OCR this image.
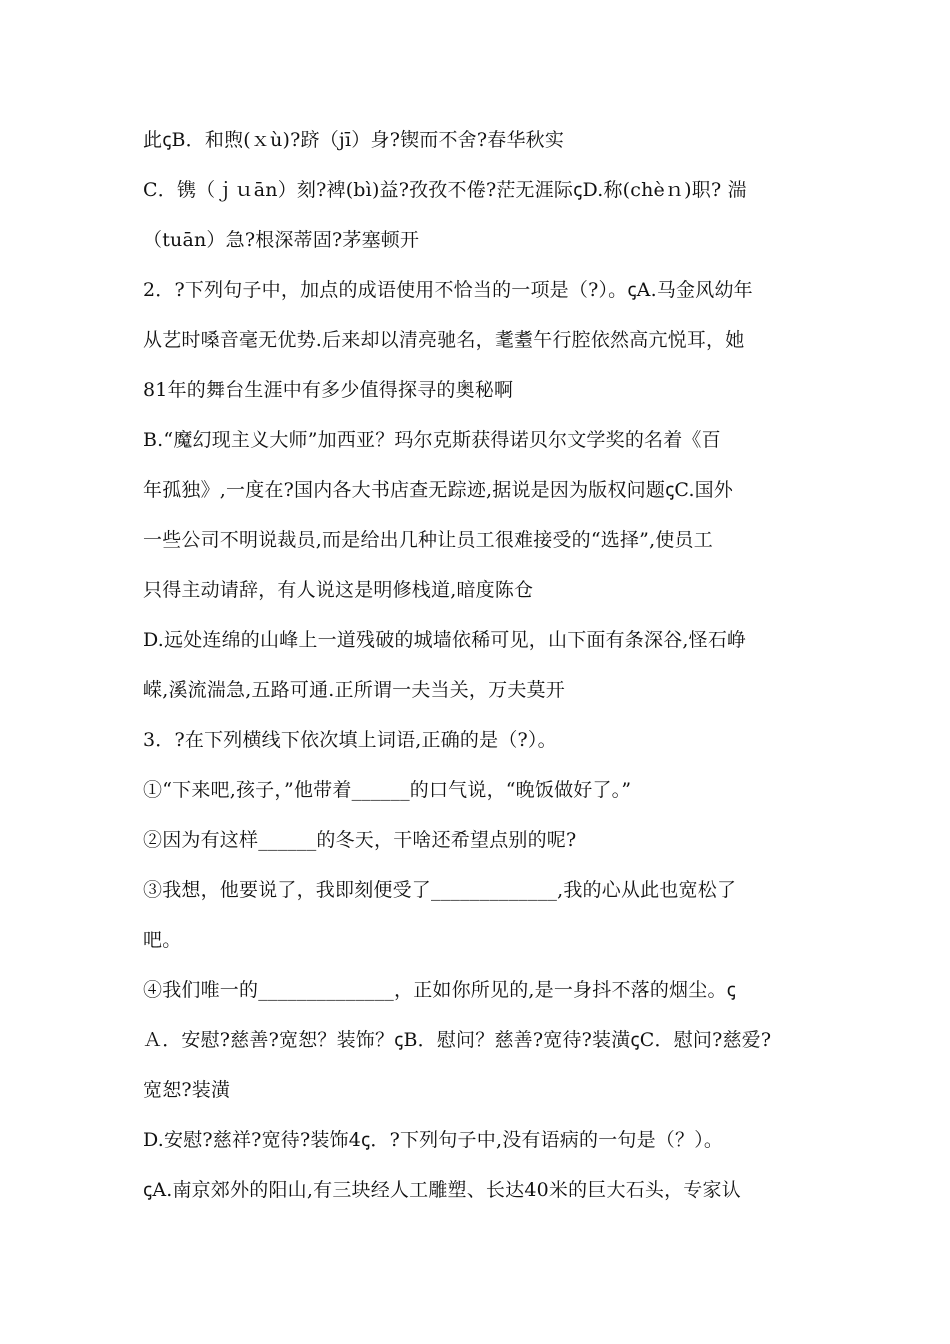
此ꞔB．和煦(ｘù)?跻（jī）身?锲而不舍?春华秋实
C．镌（ｊｕān）刻?裨(bì)益?孜孜不倦?茫无涯际ꞔD.称(chèｎ)职? 湍
（tuān）急?根深蒂固?茅塞顿开
2．?下列句子中，加点的成语使用不恰当的一项是（?）。ꞔA.马金风幼年
从艺时嗓音毫无优势.后来却以清亮驰名，耄耋午行腔依然高亢悦耳，她
81年的舞台生涯中有多少值得探寻的奥秘啊
B.“魔幻现主义大师”加西亚？玛尔克斯获得诺贝尔文学奖的名着《百
年孤独》,一度在?国内各大书店查无踪迹,据说是因为版权问题ꞔC.国外
一些公司不明说裁员,而是给出几种让员工很难接受的“选择”,使员工
只得主动请辞，有人说这是明修栈道,暗度陈仓
D.远处连绵的山峰上一道残破的城墙依稀可见，山下面有条深谷,怪石峥
嵘,溪流湍急,五路可通.正所谓一夫当关，万夫莫开
3．?在下列横线下依次填上词语,正确的是（?）。
①“下来吧,孩子，”他带着______的口气说，“晚饭做好了。”
②因为有这样______的冬天，干啥还希望点别的呢?
③我想，他要说了，我即刻便受了_____________,我的心从此也宽松了
吧。
④我们唯一的______________，正如你所见的,是一身抖不落的烟尘。ꞔ
Ａ．安慰?慈善?宽恕？装饰？ꞔB．慰问？慈善?宽待?装潢ꞔC．慰问?慈爱?
宽恕?装潢
D.安慰?慈祥?宽待?装饰4ꞔ．?下列句子中,没有语病的一句是（？）。
ꞔA.南京郊外的阳山,有三块经人工雕塑、长达40米的巨大石头，专家认
